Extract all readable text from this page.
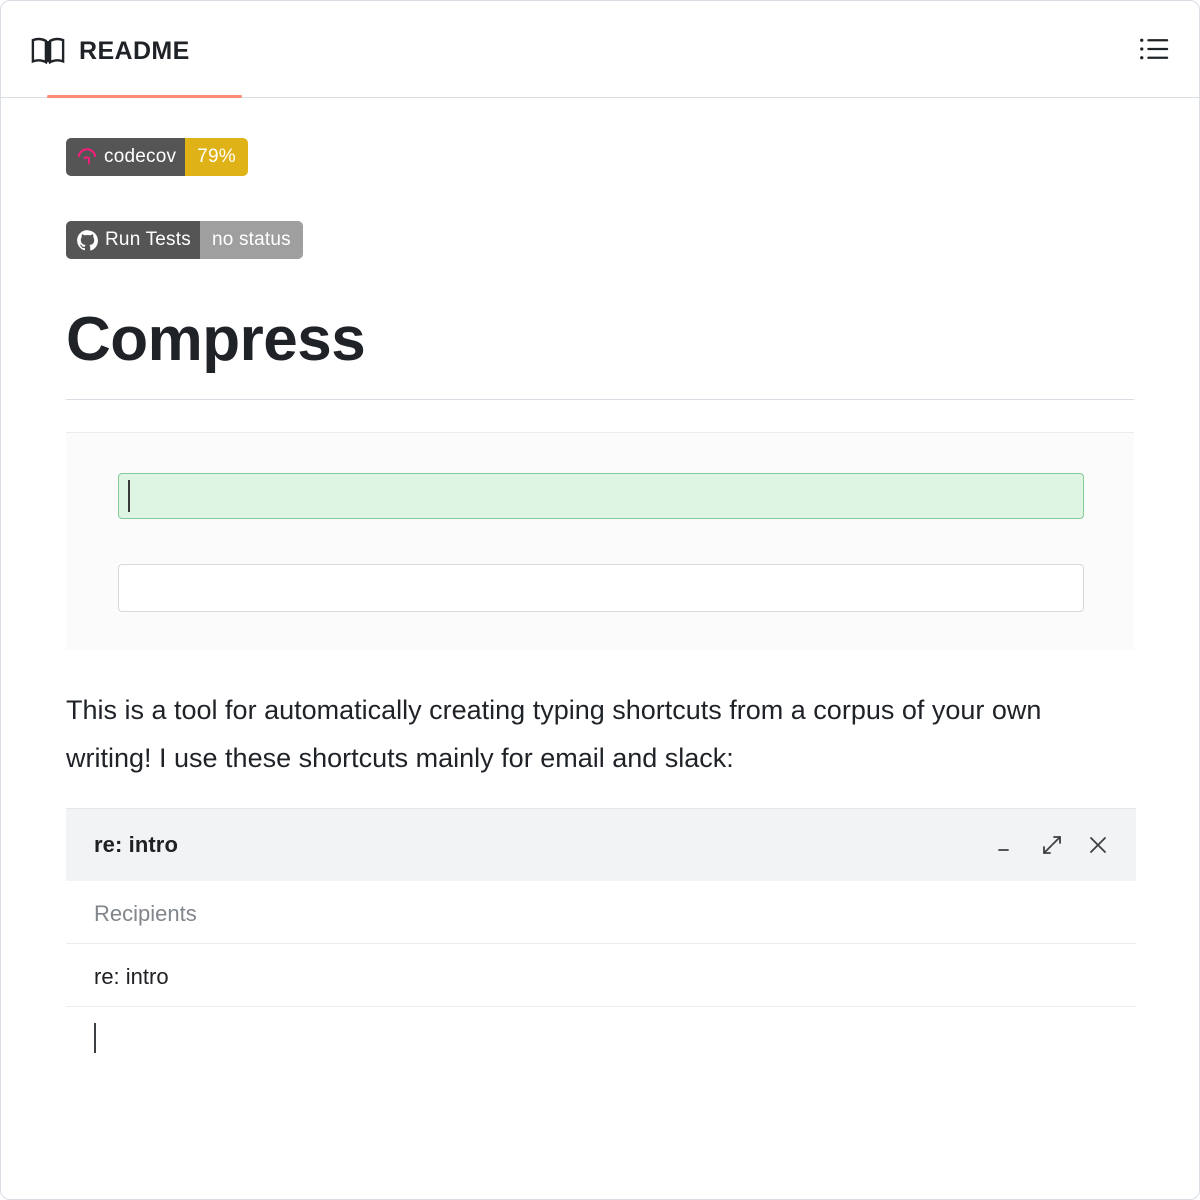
README
codecov	79%
Run Tests	no status
Compress

This is a tool for automatically creating typing shortcuts from a corpus of your own writing! I use these shortcuts mainly for email and slack:

re: intro
Recipients
re: intro
